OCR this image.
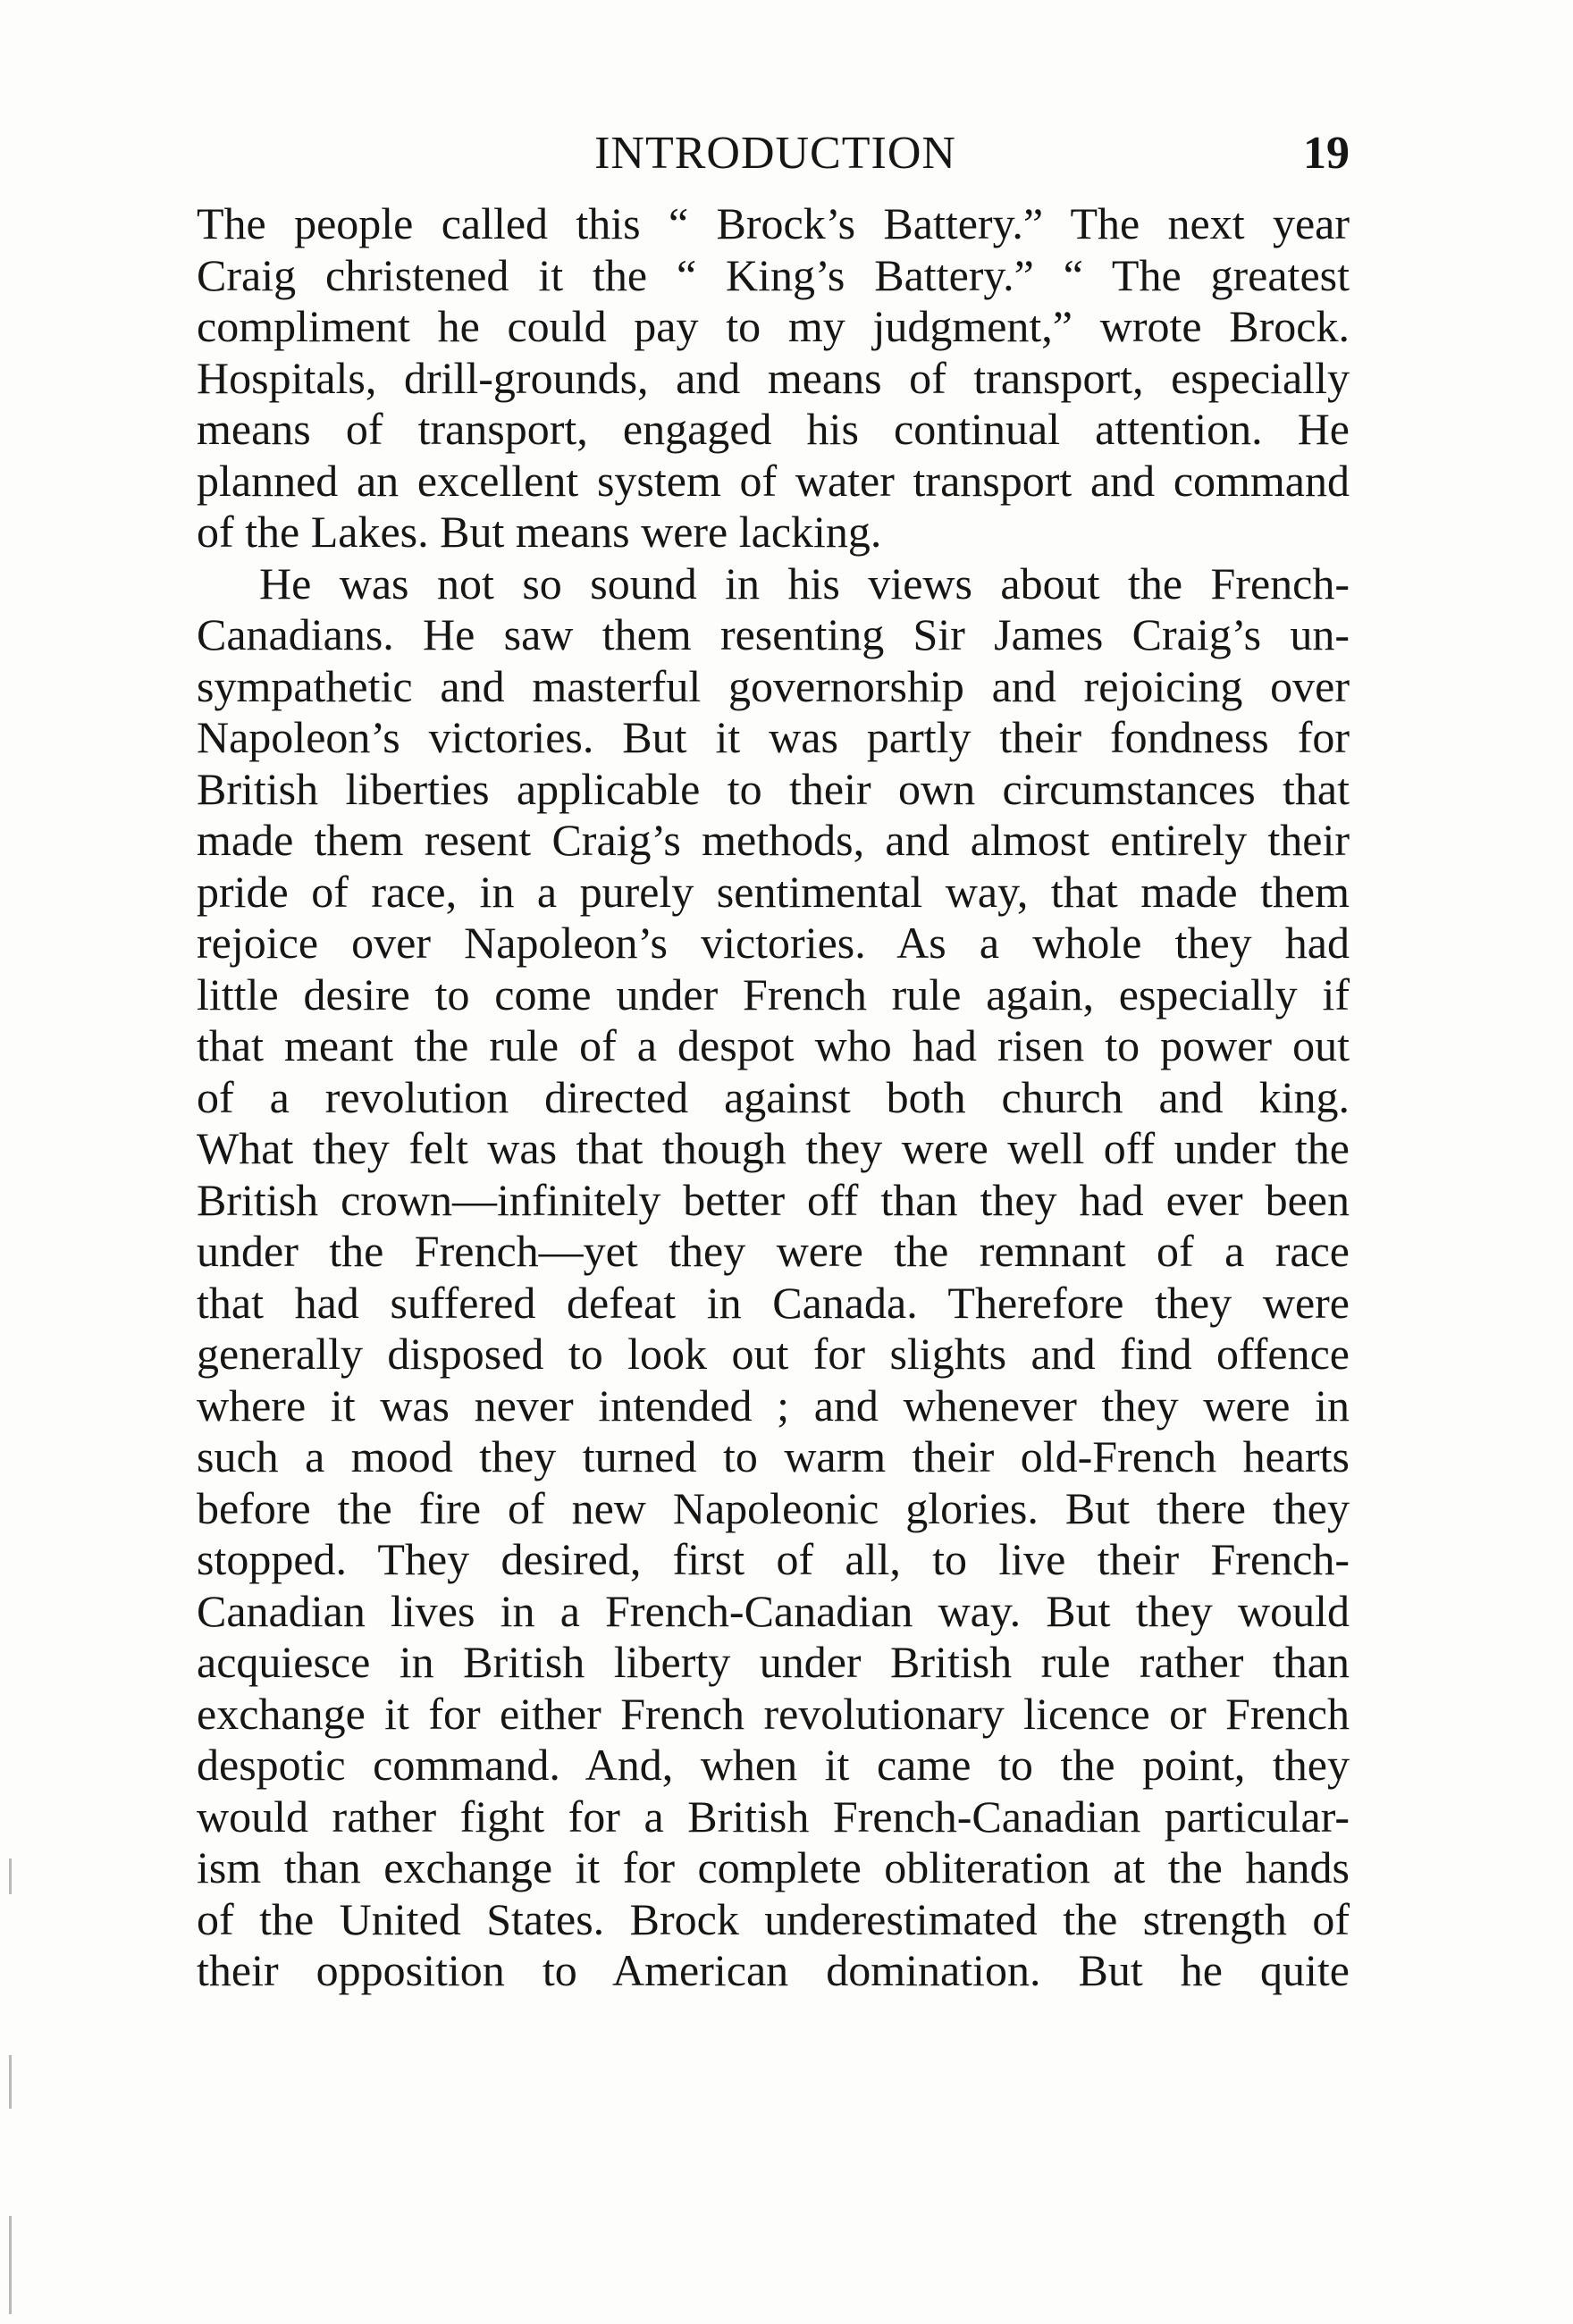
INTRODUCTION	19
The people called this “ Brock’s Battery.” The next year
Craig christened it the “ King’s Battery.” “ The greatest
compliment he could pay to my judgment,” wrote Brock.
Hospitals, drill-grounds, and means of transport, especially
means of transport, engaged his continual attention. He
planned an excellent system of water transport and command
of the Lakes. But means were lacking.
He was not so sound in his views about the French-
Canadians. He saw them resenting Sir James Craig’s un-
sympathetic and masterful governorship and rejoicing over
Napoleon’s victories. But it was partly their fondness for
British liberties applicable to their own circumstances that
made them resent Craig’s methods, and almost entirely their
pride of race, in a purely sentimental way, that made them
rejoice over Napoleon’s victories. As a whole they had
little desire to come under French rule again, especially if
that meant the rule of a despot who had risen to power out
of a revolution directed against both church and king.
What they felt was that though they were well off under the
British crown—infinitely better off than they had ever been
under the French—yet they were the remnant of a race
that had suffered defeat in Canada. Therefore they were
generally disposed to look out for slights and find offence
where it was never intended ; and whenever they were in
such a mood they turned to warm their old-French hearts
before the fire of new Napoleonic glories. But there they
stopped. They desired, first of all, to live their French-
Canadian lives in a French-Canadian way. But they would
acquiesce in British liberty under British rule rather than
exchange it for either French revolutionary licence or French
despotic command. And, when it came to the point, they
would rather fight for a British French-Canadian particular-
ism than exchange it for complete obliteration at the hands
of the United States. Brock underestimated the strength of
their opposition to American domination. But he quite
